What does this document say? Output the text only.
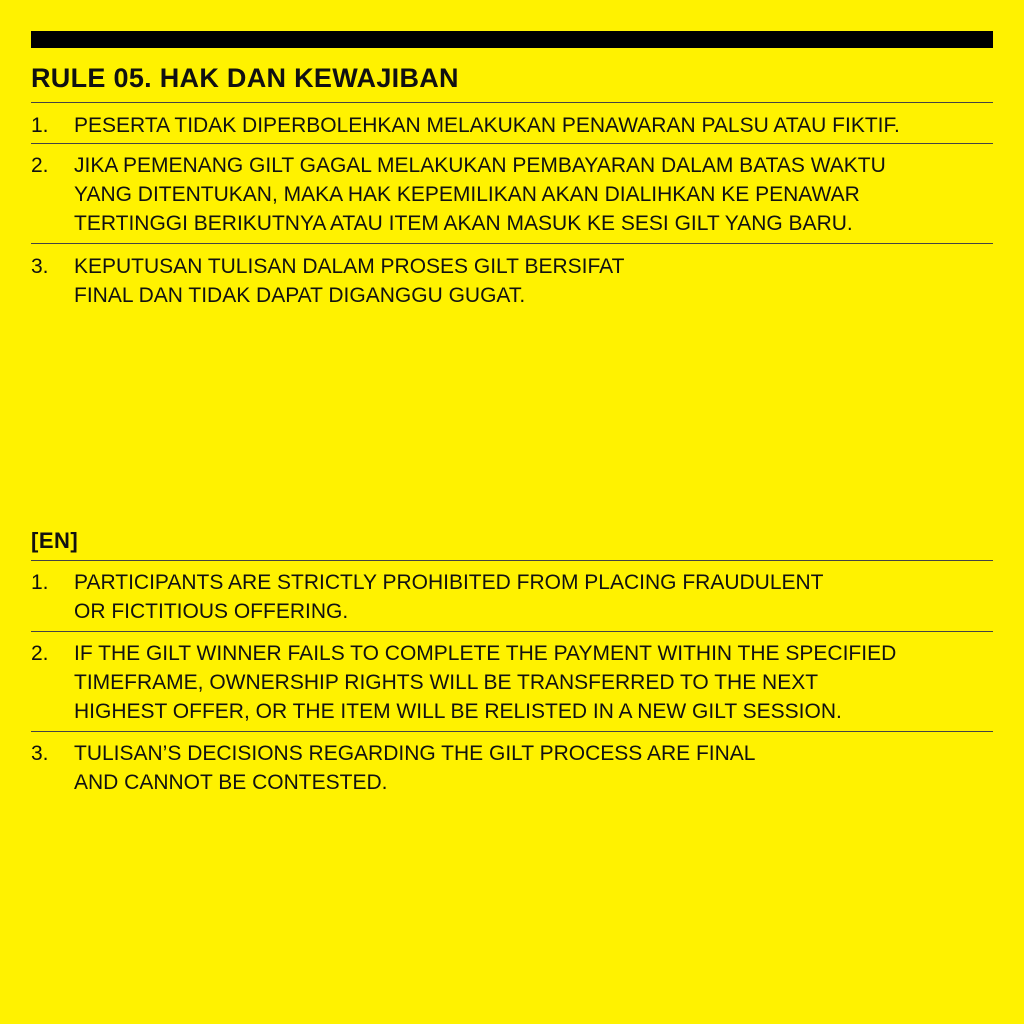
RULE 05. HAK DAN KEWAJIBAN
1.	PESERTA TIDAK DIPERBOLEHKAN MELAKUKAN PENAWARAN PALSU ATAU FIKTIF.
2.	JIKA PEMENANG GILT GAGAL MELAKUKAN PEMBAYARAN DALAM BATAS WAKTU
YANG DITENTUKAN, MAKA HAK KEPEMILIKAN AKAN DIALIHKAN KE PENAWAR
TERTINGGI BERIKUTNYA ATAU ITEM AKAN MASUK KE SESI GILT YANG BARU.
3.	KEPUTUSAN TULISAN DALAM PROSES GILT BERSIFAT
FINAL DAN TIDAK DAPAT DIGANGGU GUGAT.
[EN]
1.	PARTICIPANTS ARE STRICTLY PROHIBITED FROM PLACING FRAUDULENT
OR FICTITIOUS OFFERING.
2.	IF THE GILT WINNER FAILS TO COMPLETE THE PAYMENT WITHIN THE SPECIFIED
TIMEFRAME, OWNERSHIP RIGHTS WILL BE TRANSFERRED TO THE NEXT
HIGHEST OFFER, OR THE ITEM WILL BE RELISTED IN A NEW GILT SESSION.
3.	TULISAN’S DECISIONS REGARDING THE GILT PROCESS ARE FINAL
AND CANNOT BE CONTESTED.
